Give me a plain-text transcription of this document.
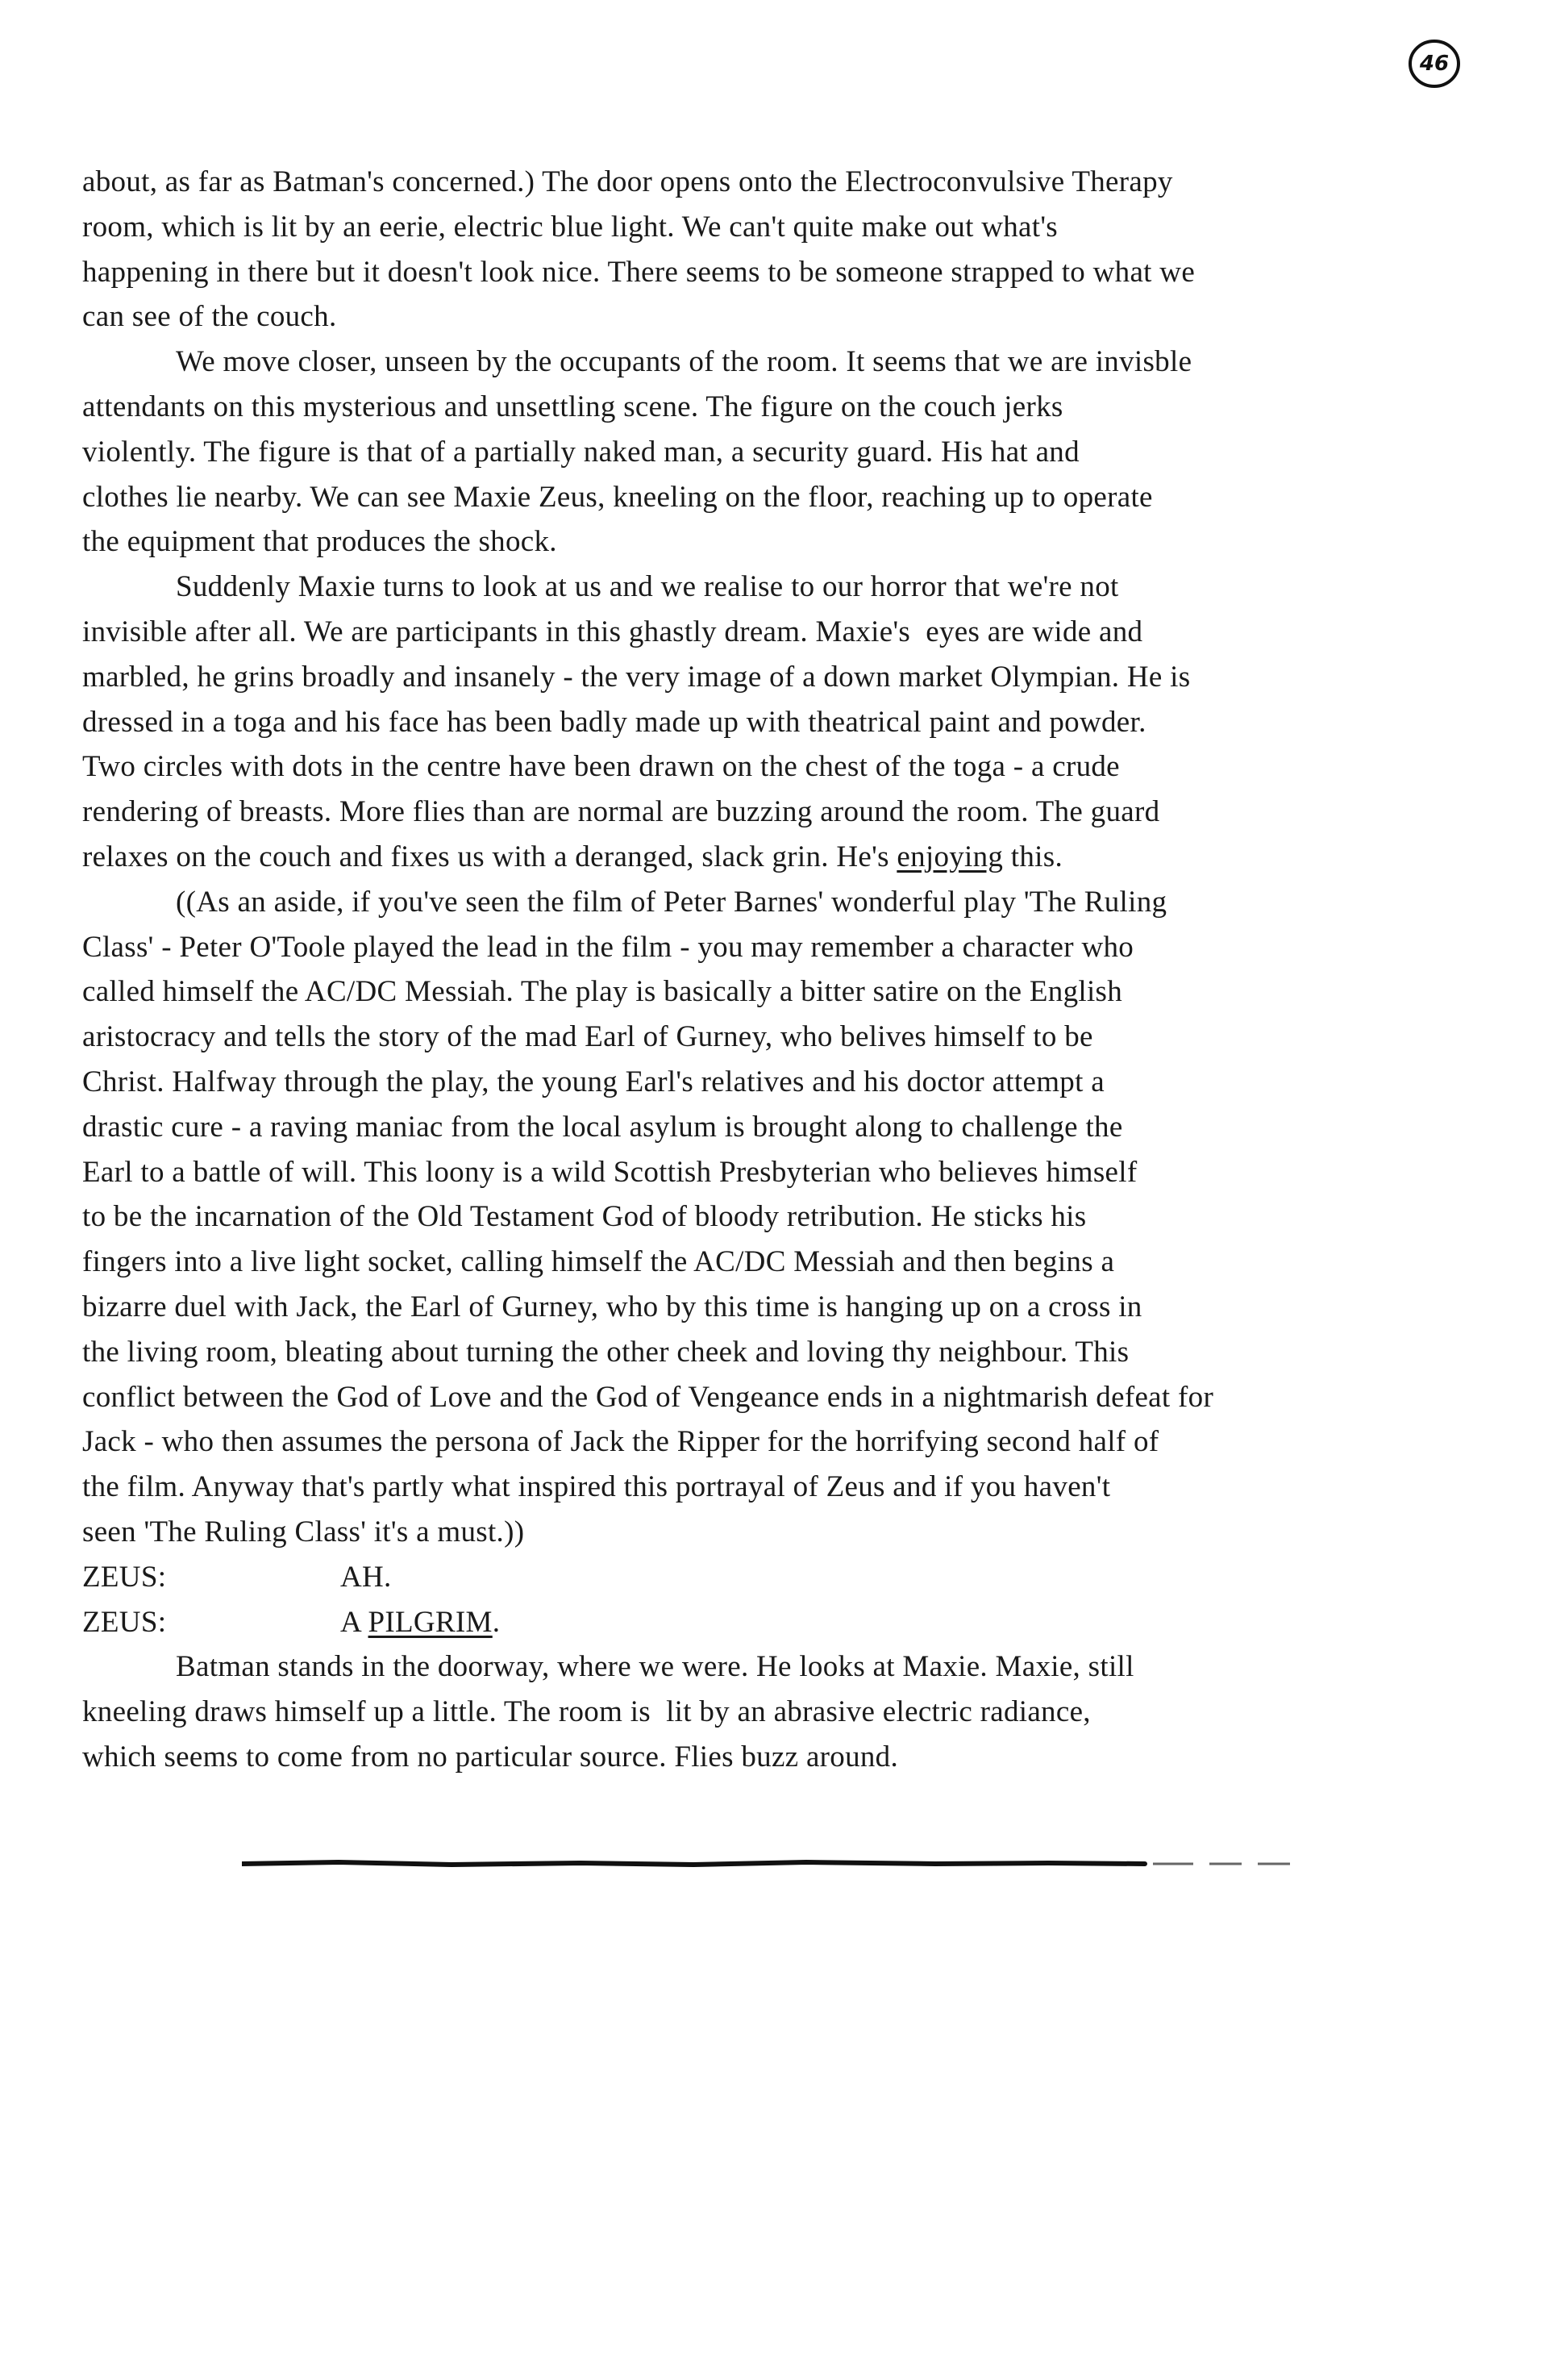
46
about, as far as Batman's concerned.) The door opens onto the Electroconvulsive Therapy
room, which is lit by an eerie, electric blue light. We can't quite make out what's
happening in there but it doesn't look nice. There seems to be someone strapped to what we
can see of the couch.
We move closer, unseen by the occupants of the room. It seems that we are invisble
attendants on this mysterious and unsettling scene. The figure on the couch jerks
violently. The figure is that of a partially naked man, a security guard. His hat and
clothes lie nearby. We can see Maxie Zeus, kneeling on the floor, reaching up to operate
the equipment that produces the shock.
Suddenly Maxie turns to look at us and we realise to our horror that we're not
invisible after all. We are participants in this ghastly dream. Maxie's  eyes are wide and
marbled, he grins broadly and insanely - the very image of a down market Olympian. He is
dressed in a toga and his face has been badly made up with theatrical paint and powder.
Two circles with dots in the centre have been drawn on the chest of the toga - a crude
rendering of breasts. More flies than are normal are buzzing around the room. The guard
relaxes on the couch and fixes us with a deranged, slack grin. He's enjoying this.
((As an aside, if you've seen the film of Peter Barnes' wonderful play 'The Ruling
Class' - Peter O'Toole played the lead in the film - you may remember a character who
called himself the AC/DC Messiah. The play is basically a bitter satire on the English
aristocracy and tells the story of the mad Earl of Gurney, who belives himself to be
Christ. Halfway through the play, the young Earl's relatives and his doctor attempt a
drastic cure - a raving maniac from the local asylum is brought along to challenge the
Earl to a battle of will. This loony is a wild Scottish Presbyterian who believes himself
to be the incarnation of the Old Testament God of bloody retribution. He sticks his
fingers into a live light socket, calling himself the AC/DC Messiah and then begins a
bizarre duel with Jack, the Earl of Gurney, who by this time is hanging up on a cross in
the living room, bleating about turning the other cheek and loving thy neighbour. This
conflict between the God of Love and the God of Vengeance ends in a nightmarish defeat for
Jack - who then assumes the persona of Jack the Ripper for the horrifying second half of
the film. Anyway that's partly what inspired this portrayal of Zeus and if you haven't
seen 'The Ruling Class' it's a must.))
ZEUS:	AH.
ZEUS:	A PILGRIM.
Batman stands in the doorway, where we were. He looks at Maxie. Maxie, still
kneeling draws himself up a little. The room is  lit by an abrasive electric radiance,
which seems to come from no particular source. Flies buzz around.
